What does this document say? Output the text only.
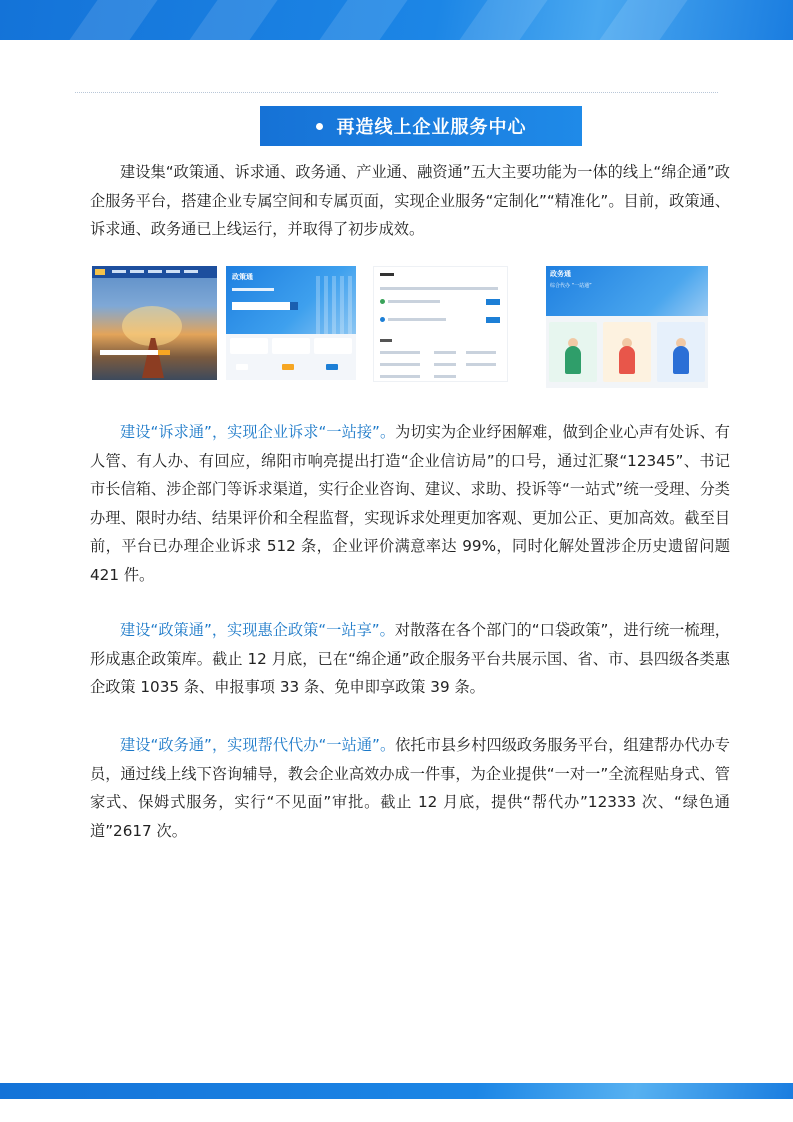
再造线上企业服务中心

建设集“政策通、诉求通、政务通、产业通、融资通”五大主要功能为一体的线上“绵企通”政企服务平台，搭建企业专属空间和专属页面，实现企业服务“定制化”“精准化”。目前，政策通、 诉求通、政务通已上线运行，并取得了初步成效。

政策通	政务通
综合代办 “一站通”

建设“诉求通”，实现企业诉求“一站接”。为切实为企业纾困解难，做到企业心声有处诉、有人管、有人办、有回应，绵阳市响亮提出打造“企业信访局”的口号，通过汇聚“12345”、书记市长信箱、涉企部门等诉求渠道，实行企业咨询、建议、求助、投诉等“一站式”统一受理、分类办理、限时办结、结果评价和全程监督，实现诉求处理更加客观、更加公正、更加高效。截至目前，平台已办理企业诉求 512 条，企业评价满意率达 99%，同时化解处置涉企历史遗留问题 421 件。

建设“政策通”，实现惠企政策“一站享”。对散落在各个部门的“口袋政策”，进行统一梳理，形成惠企政策库。截止 12 月底，已在“绵企通”政企服务平台共展示国、省、市、县四级各类惠企政策 1035 条、申报事项 33 条、免申即享政策 39 条。

建设“政务通”，实现帮代代办“一站通”。依托市县乡村四级政务服务平台，组建帮办代办专员，通过线上线下咨询辅导，教会企业高效办成一件事，为企业提供“一对一”全流程贴身式、管家式、保姆式服务，实行“不见面”审批。截止 12 月底，提供“帮代办”12333 次、“绿色通道”2617 次。
